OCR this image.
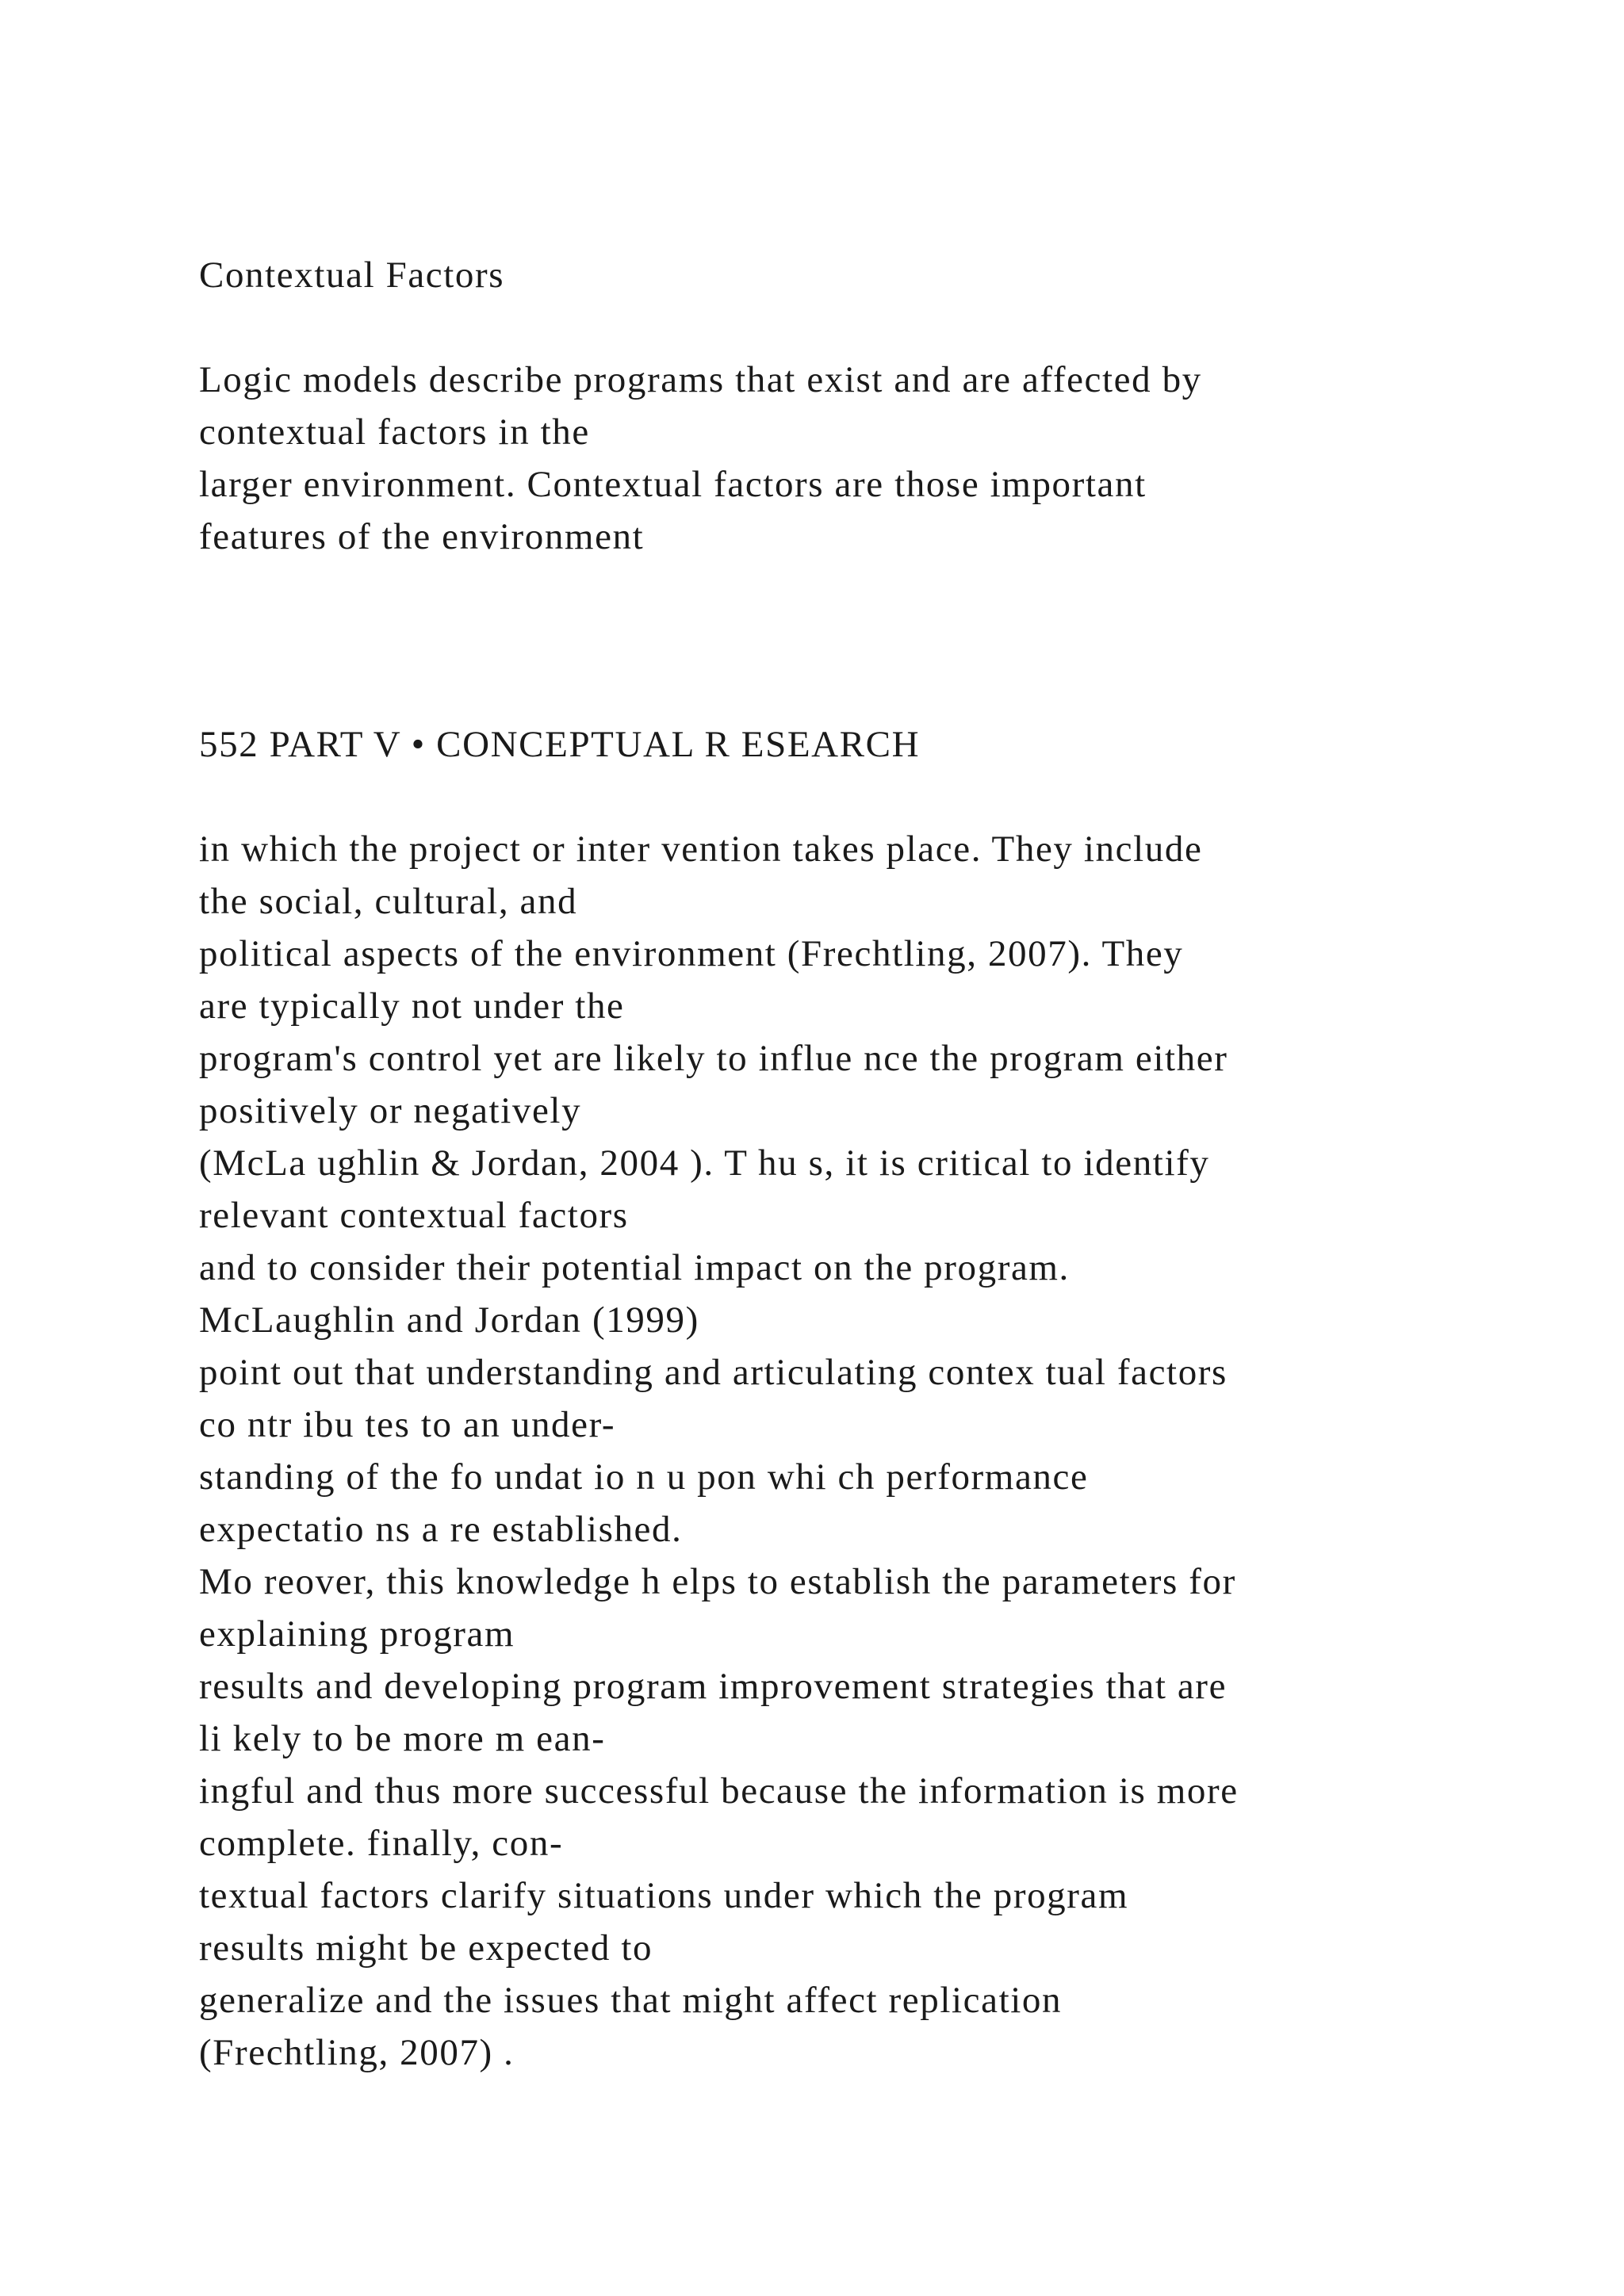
Contextual Factors

Logic models describe programs that exist and are affected by
contextual factors in the
larger environment. Contextual factors are those important
features of the environment

552 PART V • CONCEPTUAL R ESEARCH

in which the project or inter vention takes place. They include
the social, cultural, and
political aspects of the environment (Frechtling, 2007). They
are typically not under the
program's control yet are likely to influe nce the program either
positively or negatively
(McLa ughlin & Jordan, 2004 ). T hu s, it is critical to identify
relevant contextual factors
and to consider their potential impact on the program.
McLaughlin and Jordan (1999)
point out that understanding and articulating contex tual factors
co ntr ibu tes to an under-
standing of the fo undat io n u pon whi ch performance
expectatio ns a re established.
Mo reover, this knowledge h elps to establish the parameters for
explaining program
results and developing program improvement strategies that are
li kely to be more m ean-
ingful and thus more successful because the information is more
complete. finally, con-
textual factors clarify situations under which the program
results might be expected to
generalize and the issues that might affect replication
(Frechtling, 2007) .
